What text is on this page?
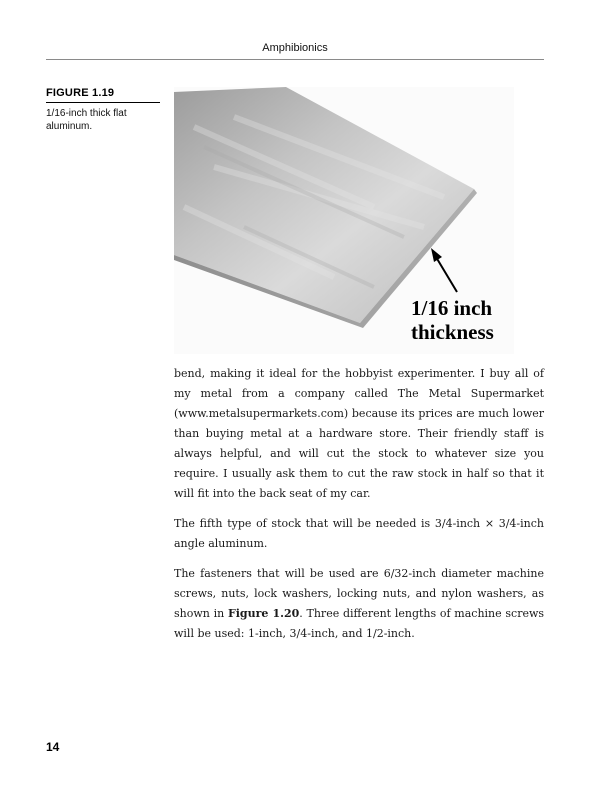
Amphibionics
FIGURE 1.19
1/16-inch thick flat aluminum.
1/16 inch
thickness

bend, making it ideal for the hobbyist experimenter. I buy all of my metal from a company called The Metal Supermarket (www.metalsupermarkets.com) because its prices are much lower than buying metal at a hardware store. Their friendly staff is always helpful, and will cut the stock to whatever size you require. I usually ask them to cut the raw stock in half so that it will fit into the back seat of my car.

The fifth type of stock that will be needed is 3/4-inch × 3/4-inch angle aluminum.

The fasteners that will be used are 6/32-inch diameter machine screws, nuts, lock washers, locking nuts, and nylon washers, as shown in Figure 1.20. Three different lengths of machine screws will be used: 1-inch, 3/4-inch, and 1/2-inch.

14
